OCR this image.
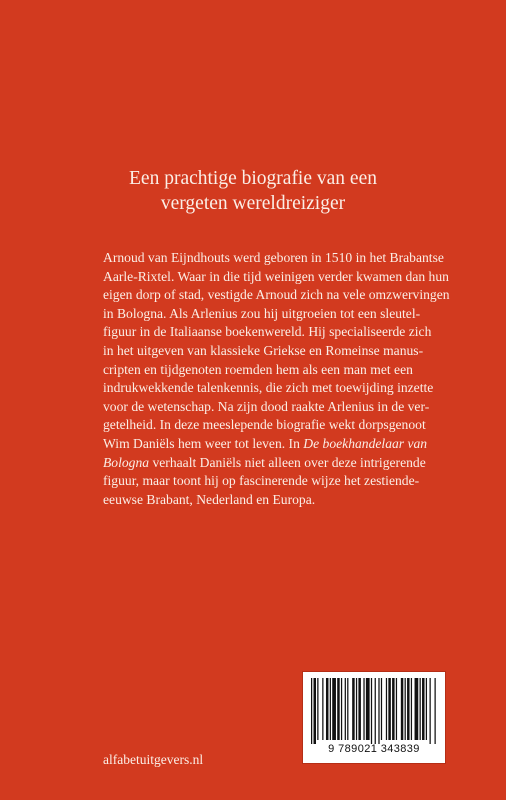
Een prachtige biografie van een
vergeten wereldreiziger
Arnoud van Eijndhouts werd geboren in 1510 in het Brabantse
Aarle-Rixtel. Waar in die tijd weinigen verder kwamen dan hun
eigen dorp of stad, vestigde Arnoud zich na vele omzwervingen
in Bologna. Als Arlenius zou hij uitgroeien tot een sleutel-
figuur in de Italiaanse boekenwereld. Hij specialiseerde zich
in het uitgeven van klassieke Griekse en Romeinse manus-
cripten en tijdgenoten roemden hem als een man met een
indrukwekkende talenkennis, die zich met toewijding inzette
voor de wetenschap. Na zijn dood raakte Arlenius in de ver-
getelheid. In deze meeslepende biografie wekt dorpsgenoot
Wim Daniëls hem weer tot leven. In De boekhandelaar van
Bologna verhaalt Daniëls niet alleen over deze intrigerende
figuur, maar toont hij op fascinerende wijze het zestiende-
eeuwse Brabant, Nederland en Europa.
9 789021 343839
alfabetuitgevers.nl
